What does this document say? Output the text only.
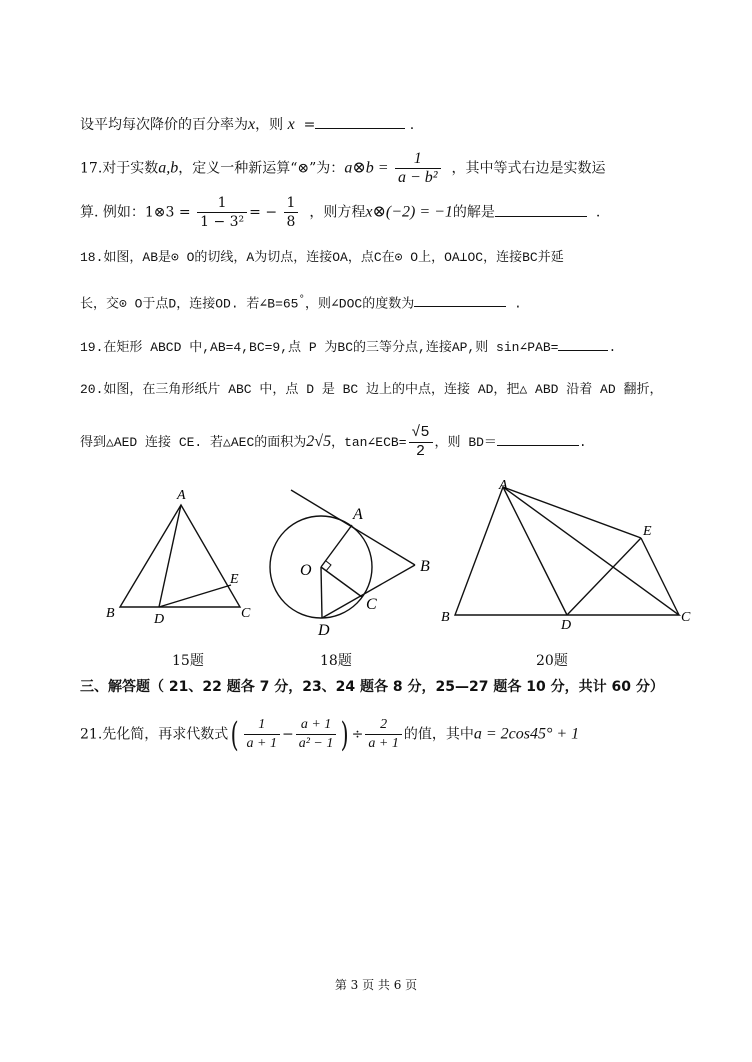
设平均每次降价的百分率为x，则 x =	.
17.对于实数a,b，定义一种新运算“⊗”为：a⊗b = $\frac{1}{\text{a − b²}}$ ，其中等式右边是实数运
算. 例如：1⊗3 = $\frac{1}{\text{1 − 3²}}$ = − $\frac{1}{8}$ ，则方程x⊗(−2) = −1的解是	.
18.如图，AB是⊙ O的切线，A为切点，连接OA，点C在⊙ O上，OA⊥OC，连接BC并延
长，交⊙ O于点D，连接OD. 若∠B=65°，则∠DOC的度数为	.
19.在矩形 ABCD 中,AB=4,BC=9,点 P 为BC的三等分点,连接AP,则 sin∠PAB=	.
20.如图，在三角形纸片 ABC 中，点 D 是 BC 边上的中点，连接 AD，把△ ABD 沿着 AD 翻折，
得到△AED 连接 CE. 若△AEC的面积为2√5，tan∠ECB= $\frac{√5}{2}$ ，则 BD＝	.
A
B	C
D
E
15题
A
B
C
D
O
18题
A
B	C
D
E
20题
三、解答题（ 21、22 题各 7 分，23、24 题各 8 分，25—27 题各 10 分，共计 60 分）
21.先化简，再求代数式( $\frac{1}{a + 1} - \frac{a + 1}{\text{a² − 1}}$ ) ÷ $\frac{2}{a + 1}$ 的值，其中a = 2cos45° + 1
第 3 页 共 6 页
